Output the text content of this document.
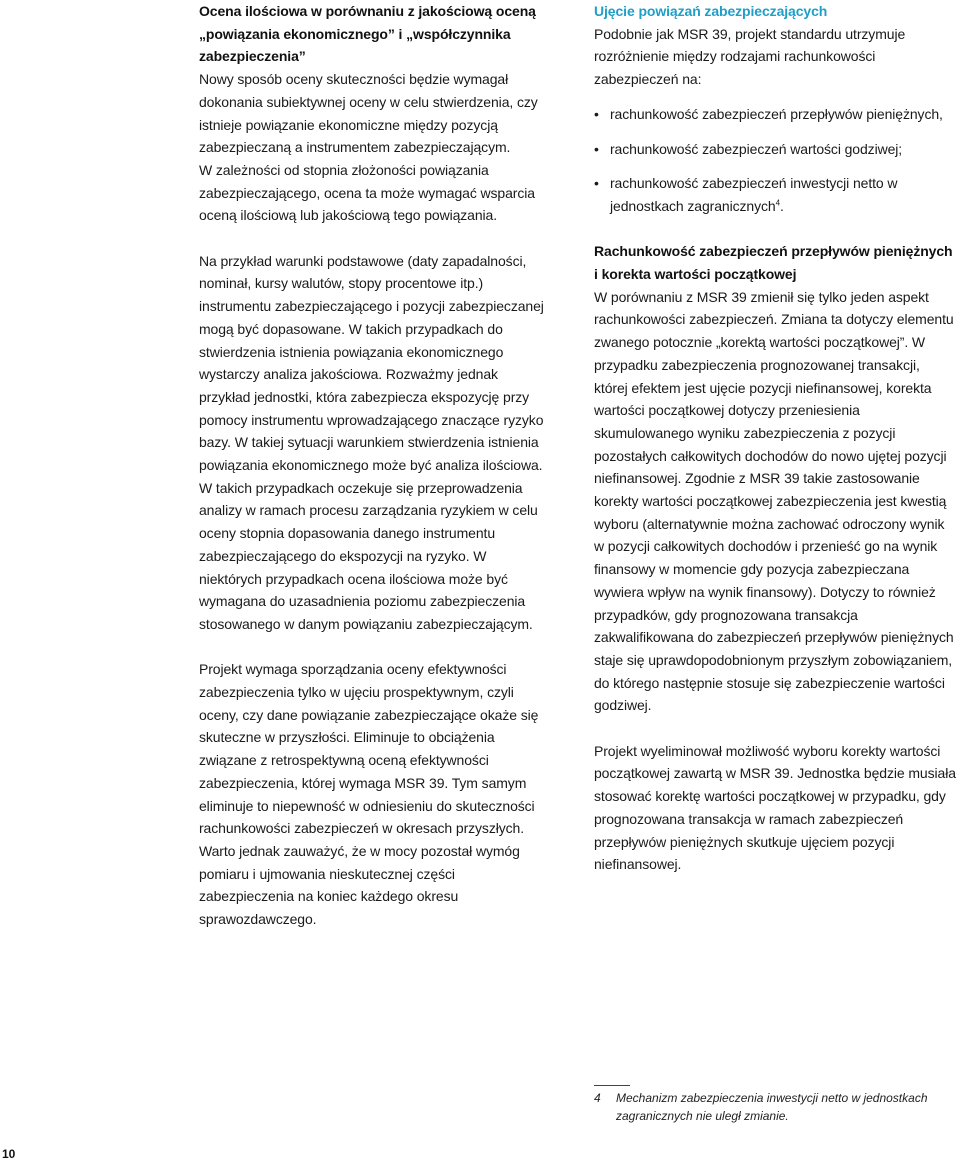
Ocena ilościowa w porównaniu z jakościową oceną „powiązania ekonomicznego” i „współczynnika zabezpieczenia”

Nowy sposób oceny skuteczności będzie wymagał dokonania subiektywnej oceny w celu stwierdzenia, czy istnieje powiązanie ekonomiczne między pozycją zabezpieczaną a instrumentem zabezpieczającym.

W zależności od stopnia złożoności powiązania zabezpieczającego, ocena ta może wymagać wsparcia oceną ilościową lub jakościową tego powiązania.

Na przykład warunki podstawowe (daty zapadalności, nominał, kursy walutów, stopy procentowe itp.) instrumentu zabezpieczającego i pozycji zabezpieczanej mogą być dopasowane. W takich przypadkach do stwierdzenia istnienia powiązania ekonomicznego wystarczy analiza jakościowa. Rozważmy jednak przykład jednostki, która zabezpiecza ekspozycję przy pomocy instrumentu wprowadzającego znaczące ryzyko bazy. W takiej sytuacji warunkiem stwierdzenia istnienia powiązania ekonomicznego może być analiza ilościowa. W takich przypadkach oczekuje się przeprowadzenia analizy w ramach procesu zarządzania ryzykiem w celu oceny stopnia dopasowania danego instrumentu zabezpieczającego do ekspozycji na ryzyko. W niektórych przypadkach ocena ilościowa może być wymagana do uzasadnienia poziomu zabezpieczenia stosowanego w danym powiązaniu zabezpieczającym.

Projekt wymaga sporządzania oceny efektywności zabezpieczenia tylko w ujęciu prospektywnym, czyli oceny, czy dane powiązanie zabezpieczające okaże się skuteczne w przyszłości. Eliminuje to obciążenia związane z retrospektywną oceną efektywności zabezpieczenia, której wymaga MSR 39. Tym samym eliminuje to niepewność w odniesieniu do skuteczności rachunkowości zabezpieczeń w okresach przyszłych. Warto jednak zauważyć, że w mocy pozostał wymóg pomiaru i ujmowania nieskutecznej części zabezpieczenia na koniec każdego okresu sprawozdawczego.

Ujęcie powiązań zabezpieczających

Podobnie jak MSR 39, projekt standardu utrzymuje rozróżnienie między rodzajami rachunkowości zabezpieczeń na:

• rachunkowość zabezpieczeń przepływów pieniężnych,
• rachunkowość zabezpieczeń wartości godziwej;
• rachunkowość zabezpieczeń inwestycji netto w jednostkach zagranicznych$^4$.
Rachunkowość zabezpieczeń przepływów pieniężnych i korekta wartości początkowej

W porównaniu z MSR 39 zmienił się tylko jeden aspekt rachunkowości zabezpieczeń. Zmiana ta dotyczy elementu zwanego potocznie „korektą wartości początkowej”. W przypadku zabezpieczenia prognozowanej transakcji, której efektem jest ujęcie pozycji niefinansowej, korekta wartości początkowej dotyczy przeniesienia skumulowanego wyniku zabezpieczenia z pozycji pozostałych całkowitych dochodów do nowo ujętej pozycji niefinansowej. Zgodnie z MSR 39 takie zastosowanie korekty wartości początkowej zabezpieczenia jest kwestią wyboru (alternatywnie można zachować odroczony wynik w pozycji całkowitych dochodów i przenieść go na wynik finansowy w momencie gdy pozycja zabezpieczana wywiera wpływ na wynik finansowy). Dotyczy to również przypadków, gdy prognozowana transakcja zakwalifikowana do zabezpieczeń przepływów pieniężnych staje się uprawdopodobnionym przyszłym zobowiązaniem, do którego następnie stosuje się zabezpieczenie wartości godziwej.

Projekt wyeliminował możliwość wyboru korekty wartości początkowej zawartą w MSR 39. Jednostka będzie musiała stosować korektę wartości początkowej w przypadku, gdy prognozowana transakcja w ramach zabezpieczeń przepływów pieniężnych skutkuje ujęciem pozycji niefinansowej.

4	Mechanizm zabezpieczenia inwestycji netto w jednostkach zagranicznych nie uległ zmianie.
10
